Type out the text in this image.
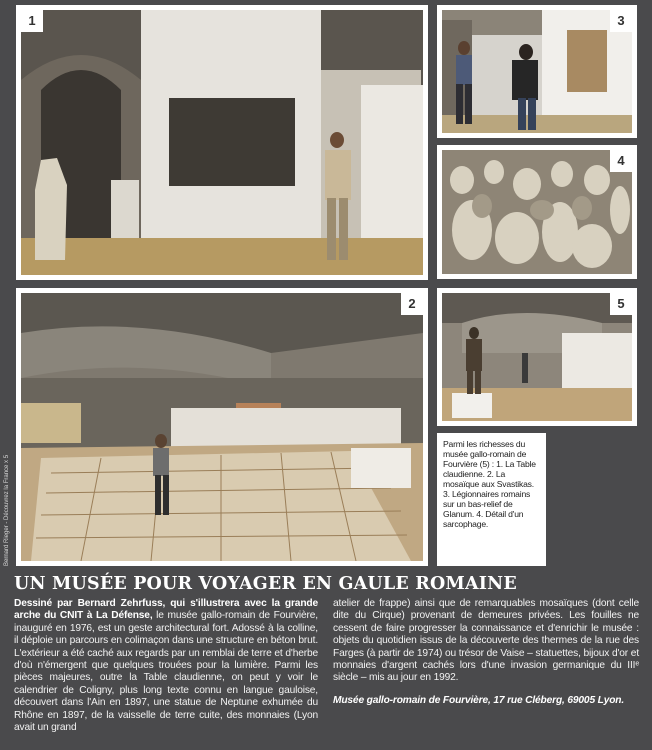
1	3
4
2	5

Parmi les richesses du musée gallo-romain de Fourvière (5) : 1. La Table claudienne. 2. La mosaïque aux Svastikas. 3. Légionnaires romains sur un bas-relief de Glanum. 4. Détail d'un sarcophage.

Bernard Rieger - Découvrez la France x 5
UN MUSÉE POUR VOYAGER EN GAULE ROMAINE

Dessiné par Bernard Zehrfuss, qui s'illustrera avec la grande arche du CNIT à La Défense, le musée gallo-romain de Fourvière, inauguré en 1976, est un geste architectural fort. Adossé à la colline, il déploie un parcours en colimaçon dans une structure en béton brut. L'extérieur a été caché aux regards par un remblai de terre et d'herbe d'où n'émergent que quelques trouées pour la lumière. Parmi les pièces majeures, outre la Table claudienne, on peut y voir le calendrier de Coligny, plus long texte connu en langue gauloise, découvert dans l'Ain en 1897, une statue de Neptune exhumée du Rhône en 1897, de la vaisselle de terre cuite, des monnaies (Lyon avait un grand

atelier de frappe) ainsi que de remarquables mosaïques (dont celle dite du Cirque) provenant de demeures privées. Les fouilles ne cessent de faire progresser la connaissance et d'enrichir le musée : objets du quotidien issus de la découverte des thermes de la rue des Farges (à partir de 1974) ou trésor de Vaise – statuettes, bijoux d'or et monnaies d'argent cachés lors d'une invasion germanique du IIIᵉ siècle – mis au jour en 1992.

Musée gallo-romain de Fourvière, 17 rue Cléberg, 69005 Lyon.
